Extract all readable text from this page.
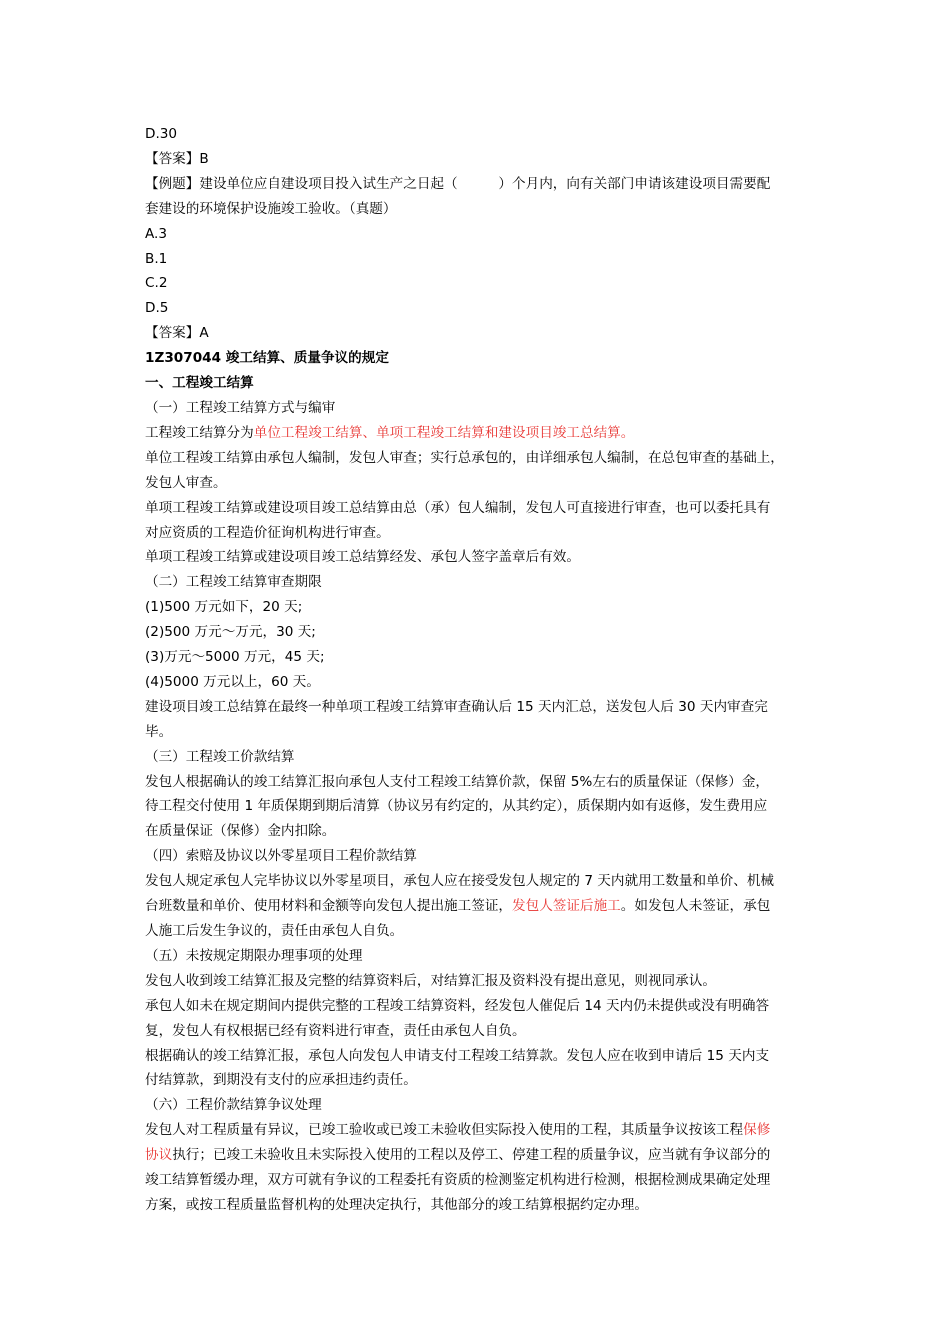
D.30
【答案】B
【例题】建设单位应自建设项目投入试生产之日起（　　　）个月内，向有关部门申请该建设项目需要配
套建设的环境保护设施竣工验收。（真题）
A.3
B.1
C.2
D.5
【答案】A
1Z307044 竣工结算、质量争议的规定
一、工程竣工结算
（一）工程竣工结算方式与编审
工程竣工结算分为单位工程竣工结算、单项工程竣工结算和建设项目竣工总结算。
单位工程竣工结算由承包人编制，发包人审查；实行总承包的，由详细承包人编制，在总包审查的基础上，
发包人审查。
单项工程竣工结算或建设项目竣工总结算由总（承）包人编制，发包人可直接进行审查，也可以委托具有
对应资质的工程造价征询机构进行审查。
单项工程竣工结算或建设项目竣工总结算经发、承包人签字盖章后有效。
（二）工程竣工结算审查期限
(1)500 万元如下，20 天;
(2)500 万元～万元，30 天;
(3)万元～5000 万元，45 天;
(4)5000 万元以上，60 天。
建设项目竣工总结算在最终一种单项工程竣工结算审查确认后 15 天内汇总，送发包人后 30 天内审查完
毕。
（三）工程竣工价款结算
发包人根据确认的竣工结算汇报向承包人支付工程竣工结算价款，保留 5%左右的质量保证（保修）金，
待工程交付使用 1 年质保期到期后清算（协议另有约定的，从其约定），质保期内如有返修，发生费用应
在质量保证（保修）金内扣除。
（四）索赔及协议以外零星项目工程价款结算
发包人规定承包人完毕协议以外零星项目，承包人应在接受发包人规定的 7 天内就用工数量和单价、机械
台班数量和单价、使用材料和金额等向发包人提出施工签证，发包人签证后施工。如发包人未签证，承包
人施工后发生争议的，责任由承包人自负。
（五）未按规定期限办理事项的处理
发包人收到竣工结算汇报及完整的结算资料后，对结算汇报及资料没有提出意见，则视同承认。
承包人如未在规定期间内提供完整的工程竣工结算资料，经发包人催促后 14 天内仍未提供或没有明确答
复，发包人有权根据已经有资料进行审查，责任由承包人自负。
根据确认的竣工结算汇报，承包人向发包人申请支付工程竣工结算款。发包人应在收到申请后 15 天内支
付结算款，到期没有支付的应承担违约责任。
（六）工程价款结算争议处理
发包人对工程质量有异议，已竣工验收或已竣工未验收但实际投入使用的工程，其质量争议按该工程保修
协议执行；已竣工未验收且未实际投入使用的工程以及停工、停建工程的质量争议，应当就有争议部分的
竣工结算暂缓办理，双方可就有争议的工程委托有资质的检测鉴定机构进行检测，根据检测成果确定处理
方案，或按工程质量监督机构的处理决定执行，其他部分的竣工结算根据约定办理。
